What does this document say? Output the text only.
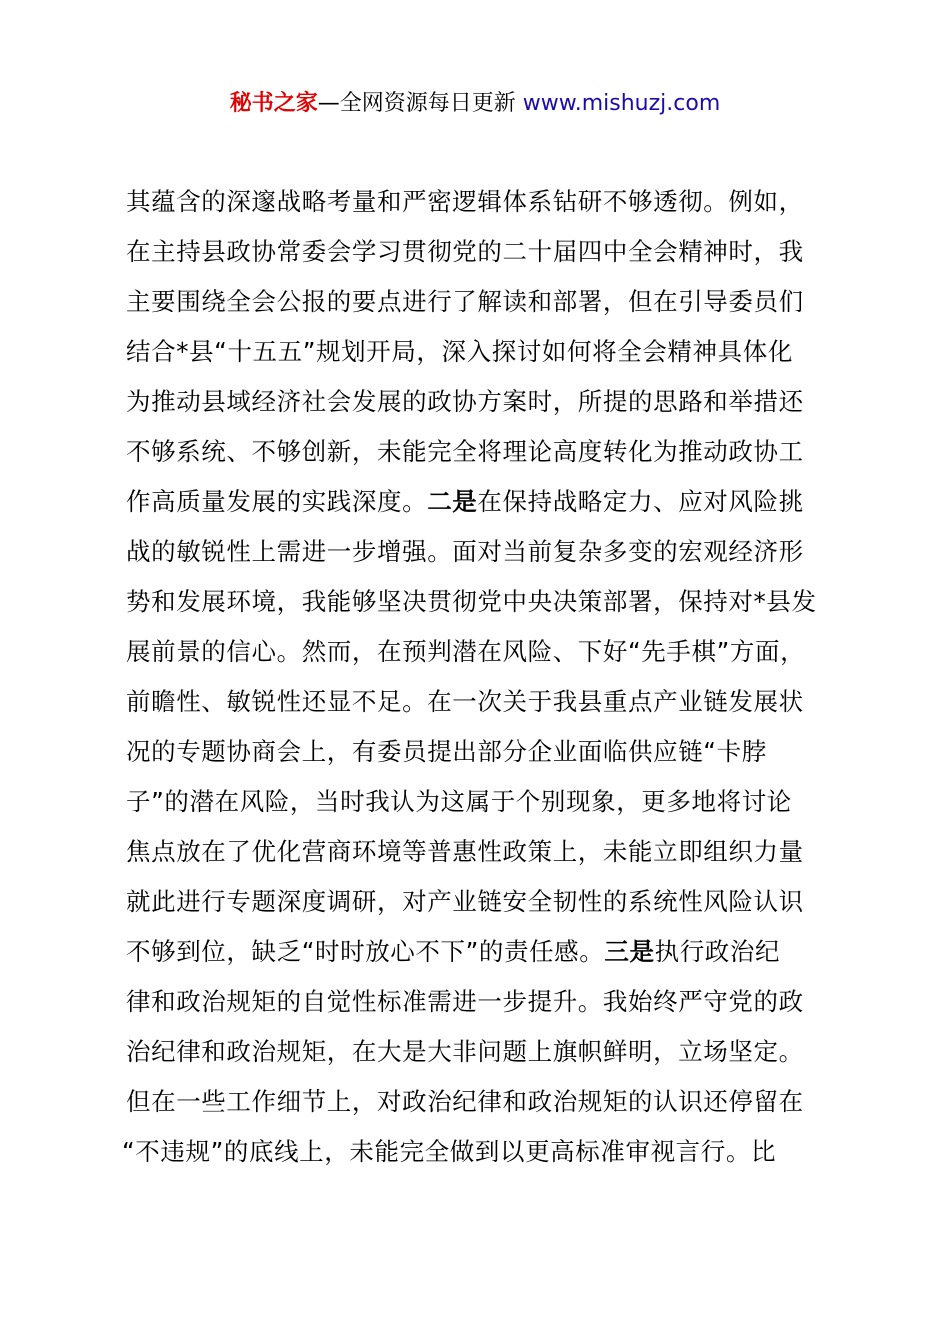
秘书之家—全网资源每日更新 www.mishuzj.com
其蕴含的深邃战略考量和严密逻辑体系钻研不够透彻。例如，
在主持县政协常委会学习贯彻党的二十届四中全会精神时，我
主要围绕全会公报的要点进行了解读和部署，但在引导委员们
结合*县“十五五”规划开局，深入探讨如何将全会精神具体化
为推动县域经济社会发展的政协方案时，所提的思路和举措还
不够系统、不够创新，未能完全将理论高度转化为推动政协工
作高质量发展的实践深度。二是在保持战略定力、应对风险挑
战的敏锐性上需进一步增强。面对当前复杂多变的宏观经济形
势和发展环境，我能够坚决贯彻党中央决策部署，保持对*县发
展前景的信心。然而，在预判潜在风险、下好“先手棋”方面，
前瞻性、敏锐性还显不足。在一次关于我县重点产业链发展状
况的专题协商会上，有委员提出部分企业面临供应链“卡脖
子”的潜在风险，当时我认为这属于个别现象，更多地将讨论
焦点放在了优化营商环境等普惠性政策上，未能立即组织力量
就此进行专题深度调研，对产业链安全韧性的系统性风险认识
不够到位，缺乏“时时放心不下”的责任感。三是执行政治纪
律和政治规矩的自觉性标准需进一步提升。我始终严守党的政
治纪律和政治规矩，在大是大非问题上旗帜鲜明，立场坚定。
但在一些工作细节上，对政治纪律和政治规矩的认识还停留在
“不违规”的底线上，未能完全做到以更高标准审视言行。比
